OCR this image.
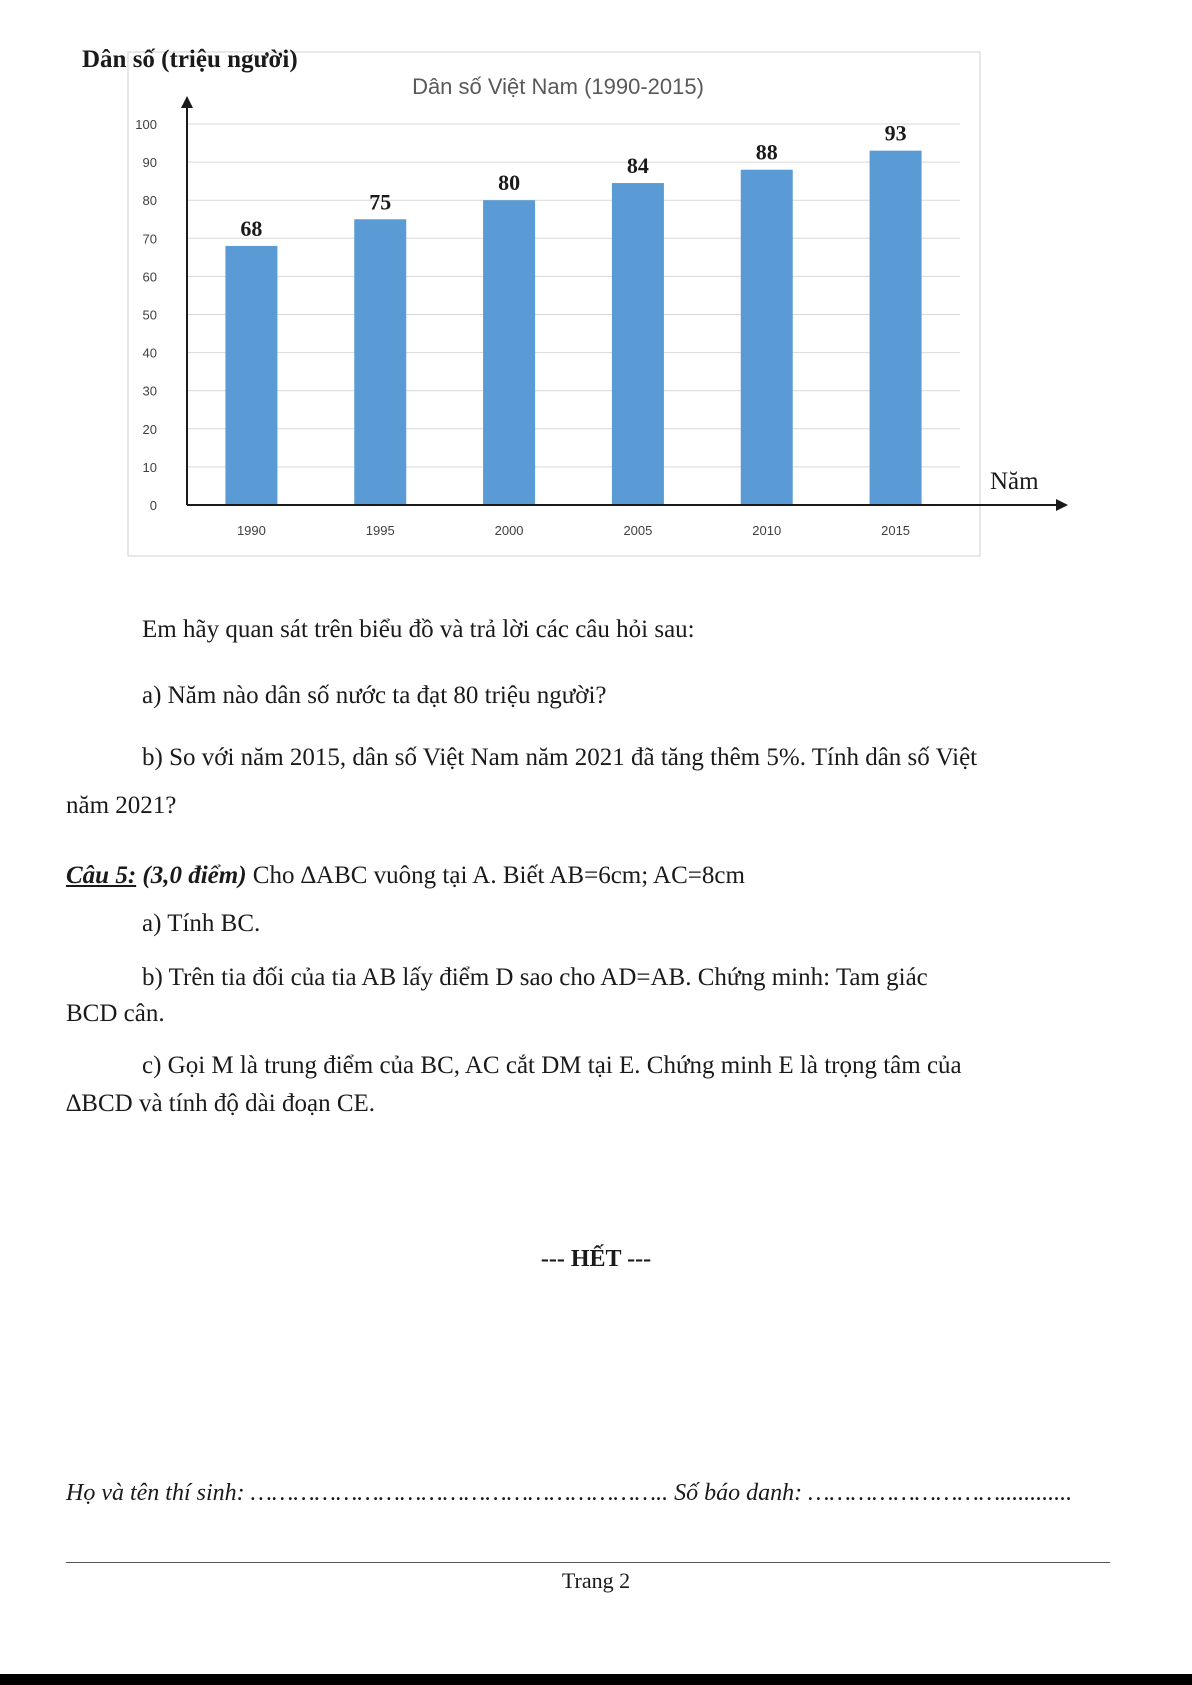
Dân số Việt Nam (1990-2015)
0
10
20
30
40
50
60
70
80
90
100
68
1990
75
1995
80
2000
84
2005
88
2010
93
2015
Dân số (triệu người)
Năm
Em hãy quan sát trên biểu đồ và trả lời các câu hỏi sau:
a) Năm nào dân số nước ta đạt 80 triệu người?
b) So với năm 2015, dân số Việt Nam năm 2021 đã tăng thêm 5%. Tính dân số Việt
năm 2021?
Câu 5: (3,0 điểm) Cho ∆ABC vuông tại A. Biết AB=6cm; AC=8cm
a) Tính BC.
b) Trên tia đối của tia AB lấy điểm D sao cho AD=AB. Chứng minh: Tam giác
BCD cân.
c) Gọi M là trung điểm của BC, AC cắt DM tại E. Chứng minh E là trọng tâm của
∆BCD và tính độ dài đoạn CE.
--- HẾT ---
Họ và tên thí sinh: ………………………………………………….. Số báo danh: ………………………............
Trang 2
